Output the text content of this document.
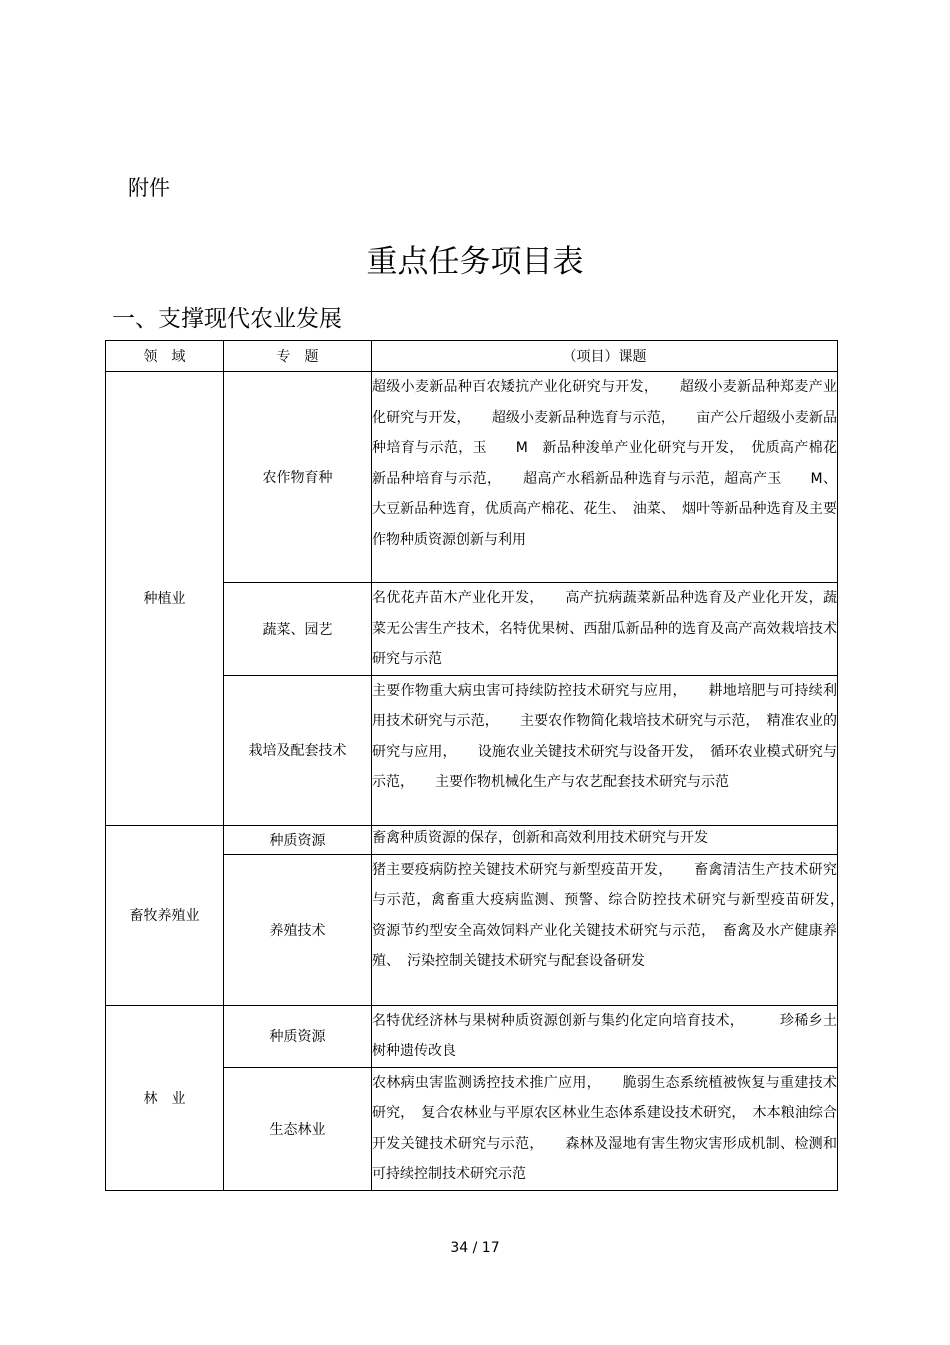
附件
重点任务项目表
一、支撑现代农业发展
领　域	专　题	（项目）课题
种植业	农作物育种	超级小麦新品种百农矮抗产业化研究与开发，　　超级小麦新品种郑麦产业化研究与开发，　　超级小麦新品种选育与示范，　　亩产公斤超级小麦新品种培育与示范，玉　　M　新品种浚单产业化研究与开发，　优质高产棉花新品种培育与示范，　　超高产水稻新品种选育与示范，超高产玉　　M、大豆新品种选育，优质高产棉花、花生、　油菜、　烟叶等新品种选育及主要作物种质资源创新与利用

	蔬菜、园艺	名优花卉苗木产业化开发，　　高产抗病蔬菜新品种选育及产业化开发，蔬菜无公害生产技术，名特优果树、西甜瓜新品种的选育及高产高效栽培技术研究与示范

	栽培及配套技术	主要作物重大病虫害可持续防控技术研究与应用，　　耕地培肥与可持续利用技术研究与示范，　　主要农作物简化栽培技术研究与示范，　精准农业的研究与应用，　　设施农业关键技术研究与设备开发，　循环农业模式研究与示范，　　主要作物机械化生产与农艺配套技术研究与示范

畜牧养殖业	种质资源	畜禽种质资源的保存，创新和高效利用技术研究与开发

	养殖技术	猪主要疫病防控关键技术研究与新型疫苗开发，　　畜禽清洁生产技术研究与示范，禽畜重大疫病监测、预警、综合防控技术研究与新型疫苗研发，　资源节约型安全高效饲料产业化关键技术研究与示范，　畜禽及水产健康养殖、　污染控制关键技术研究与配套设备研发

林　业	种质资源	名特优经济林与果树种质资源创新与集约化定向培育技术，　　　珍稀乡土树种遗传改良

	生态林业	农林病虫害监测诱控技术推广应用，　　脆弱生态系统植被恢复与重建技术研究，　复合农林业与平原农区林业生态体系建设技术研究，　木本粮油综合开发关键技术研究与示范，　　森林及湿地有害生物灾害形成机制、检测和可持续控制技术研究示范
34 / 17
